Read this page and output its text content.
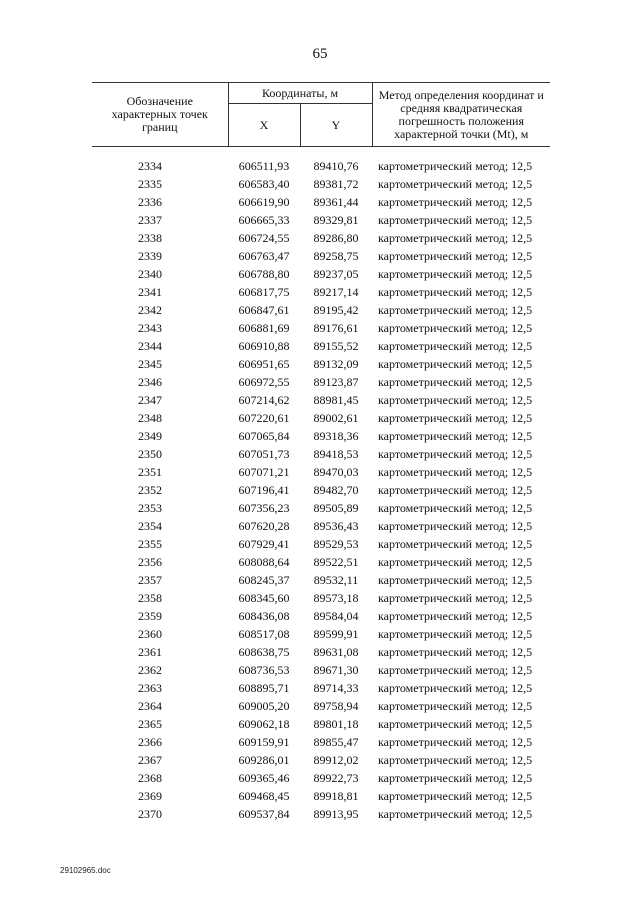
65
Обозначение характерных точек границ	Координаты, м		Метод определения координат и средняя квадратическая погрешность положения характерной точки (Mt), м
	X	Y	

2334	606511,93	89410,76	картометрический метод; 12,5
2335	606583,40	89381,72	картометрический метод; 12,5
2336	606619,90	89361,44	картометрический метод; 12,5
2337	606665,33	89329,81	картометрический метод; 12,5
2338	606724,55	89286,80	картометрический метод; 12,5
2339	606763,47	89258,75	картометрический метод; 12,5
2340	606788,80	89237,05	картометрический метод; 12,5
2341	606817,75	89217,14	картометрический метод; 12,5
2342	606847,61	89195,42	картометрический метод; 12,5
2343	606881,69	89176,61	картометрический метод; 12,5
2344	606910,88	89155,52	картометрический метод; 12,5
2345	606951,65	89132,09	картометрический метод; 12,5
2346	606972,55	89123,87	картометрический метод; 12,5
2347	607214,62	88981,45	картометрический метод; 12,5
2348	607220,61	89002,61	картометрический метод; 12,5
2349	607065,84	89318,36	картометрический метод; 12,5
2350	607051,73	89418,53	картометрический метод; 12,5
2351	607071,21	89470,03	картометрический метод; 12,5
2352	607196,41	89482,70	картометрический метод; 12,5
2353	607356,23	89505,89	картометрический метод; 12,5
2354	607620,28	89536,43	картометрический метод; 12,5
2355	607929,41	89529,53	картометрический метод; 12,5
2356	608088,64	89522,51	картометрический метод; 12,5
2357	608245,37	89532,11	картометрический метод; 12,5
2358	608345,60	89573,18	картометрический метод; 12,5
2359	608436,08	89584,04	картометрический метод; 12,5
2360	608517,08	89599,91	картометрический метод; 12,5
2361	608638,75	89631,08	картометрический метод; 12,5
2362	608736,53	89671,30	картометрический метод; 12,5
2363	608895,71	89714,33	картометрический метод; 12,5
2364	609005,20	89758,94	картометрический метод; 12,5
2365	609062,18	89801,18	картометрический метод; 12,5
2366	609159,91	89855,47	картометрический метод; 12,5
2367	609286,01	89912,02	картометрический метод; 12,5
2368	609365,46	89922,73	картометрический метод; 12,5
2369	609468,45	89918,81	картометрический метод; 12,5
2370	609537,84	89913,95	картометрический метод; 12,5
29102965.doc
